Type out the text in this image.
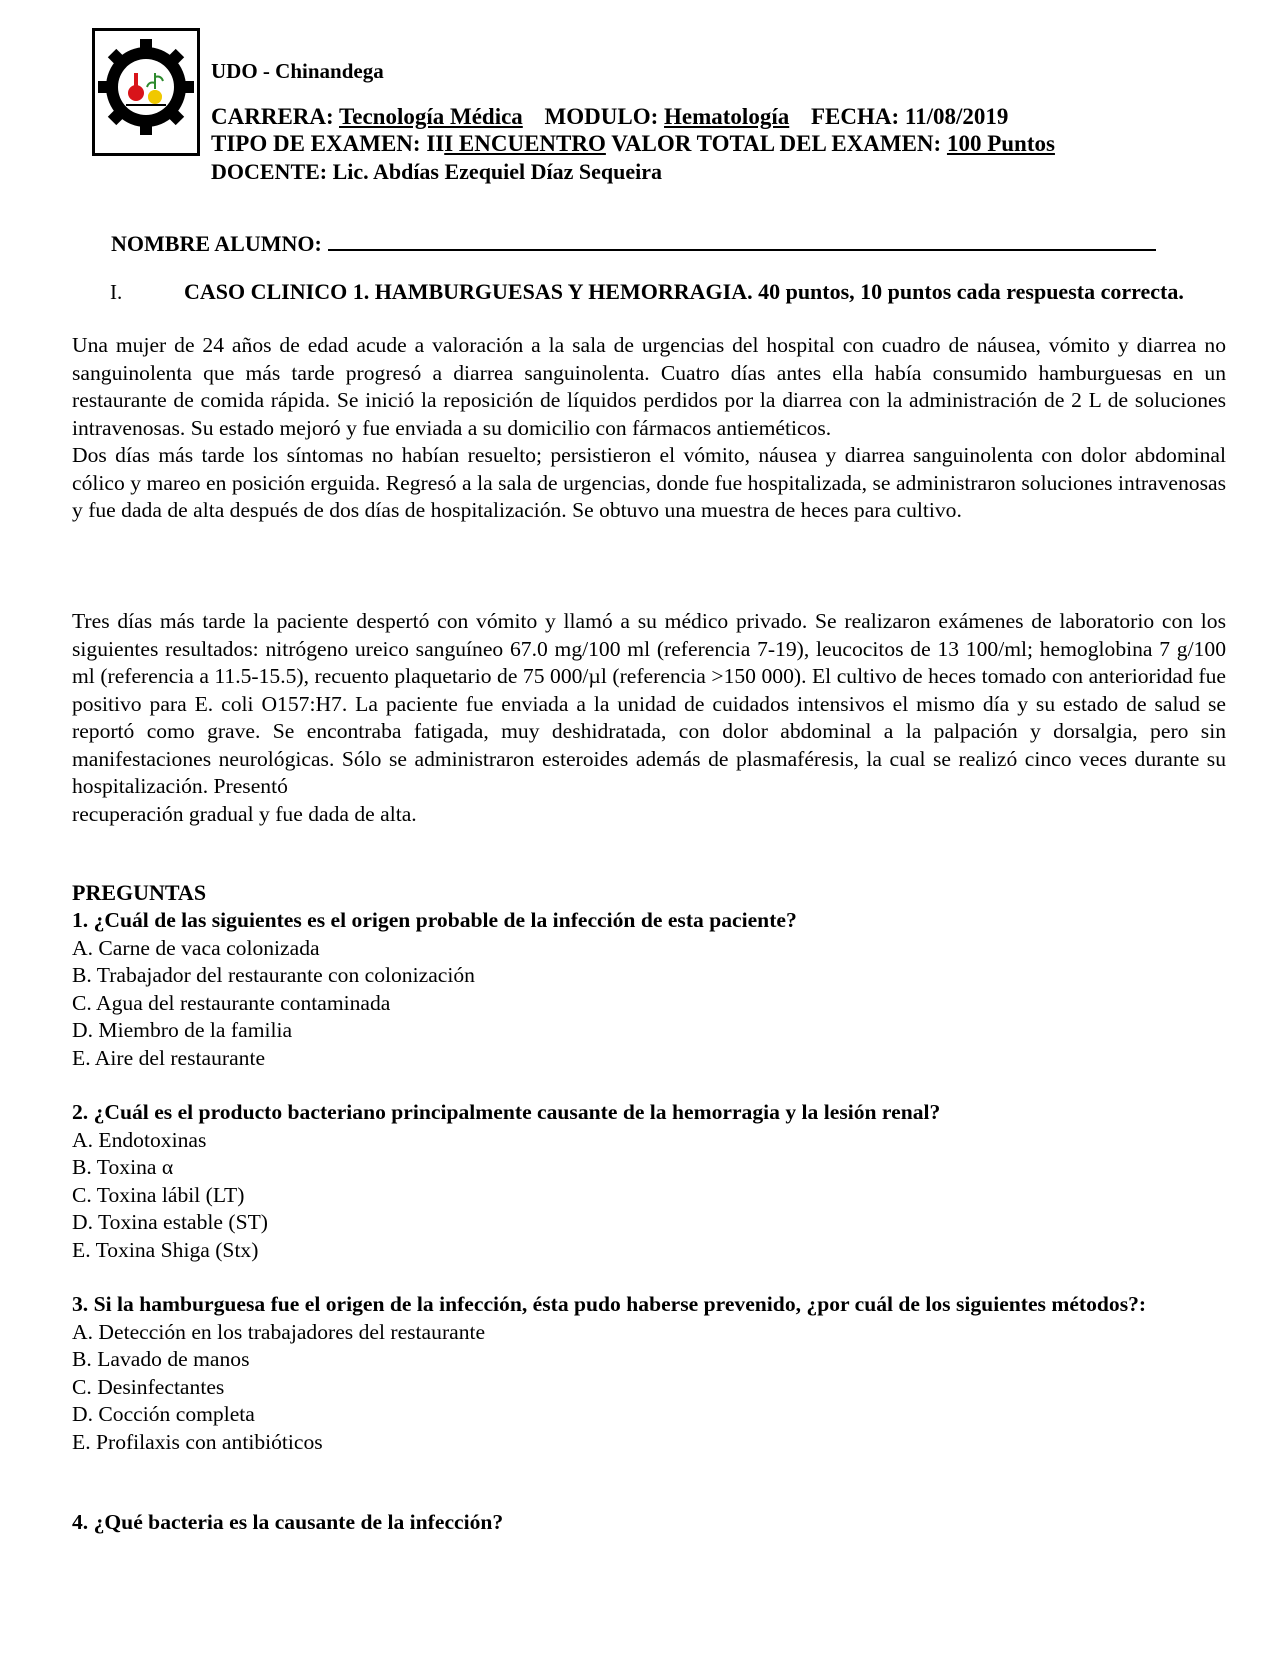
UDO - Chinandega
CARRERA: Tecnología Médica MODULO: Hematología FECHA: 11/08/2019
TIPO DE EXAMEN: III ENCUENTRO VALOR TOTAL DEL EXAMEN: 100 Puntos
DOCENTE: Lic. Abdías Ezequiel Díaz Sequeira
NOMBRE ALUMNO:
I.	CASO CLINICO 1. HAMBURGUESAS Y HEMORRAGIA. 40 puntos, 10 puntos cada respuesta correcta.

Una mujer de 24 años de edad acude a valoración a la sala de urgencias del hospital con cuadro de náusea, vómito y diarrea no sanguinolenta que más tarde progresó a diarrea sanguinolenta. Cuatro días antes ella había consumido hamburguesas en un restaurante de comida rápida. Se inició la reposición de líquidos perdidos por la diarrea con la administración de 2 L de soluciones intravenosas. Su estado mejoró y fue enviada a su domicilio con fármacos antieméticos.

Dos días más tarde los síntomas no habían resuelto; persistieron el vómito, náusea y diarrea sanguinolenta con dolor abdominal cólico y mareo en posición erguida. Regresó a la sala de urgencias, donde fue hospitalizada, se administraron soluciones intravenosas y fue dada de alta después de dos días de hospitalización. Se obtuvo una muestra de heces para cultivo.

Tres días más tarde la paciente despertó con vómito y llamó a su médico privado. Se realizaron exámenes de laboratorio con los siguientes resultados: nitrógeno ureico sanguíneo 67.0 mg/100 ml (referencia 7-19), leucocitos de 13 100/ml; hemoglobina 7 g/100 ml (referencia a 11.5-15.5), recuento plaquetario de 75 000/µl (referencia >150 000). El cultivo de heces tomado con anterioridad fue positivo para E. coli O157:H7. La paciente fue enviada a la unidad de cuidados intensivos el mismo día y su estado de salud se reportó como grave. Se encontraba fatigada, muy deshidratada, con dolor abdominal a la palpación y dorsalgia, pero sin manifestaciones neurológicas. Sólo se administraron esteroides además de plasmaféresis, la cual se realizó cinco veces durante su hospitalización. Presentó

recuperación gradual y fue dada de alta.

PREGUNTAS
1. ¿Cuál de las siguientes es el origen probable de la infección de esta paciente?
A. Carne de vaca colonizada
B. Trabajador del restaurante con colonización
C. Agua del restaurante contaminada
D. Miembro de la familia
E. Aire del restaurante
2. ¿Cuál es el producto bacteriano principalmente causante de la hemorragia y la lesión renal?
A. Endotoxinas
B. Toxina α
C. Toxina lábil (LT)
D. Toxina estable (ST)
E. Toxina Shiga (Stx)
3. Si la hamburguesa fue el origen de la infección, ésta pudo haberse prevenido, ¿por cuál de los siguientes métodos?:
A. Detección en los trabajadores del restaurante
B. Lavado de manos
C. Desinfectantes
D. Cocción completa
E. Profilaxis con antibióticos
4. ¿Qué bacteria es la causante de la infección?
